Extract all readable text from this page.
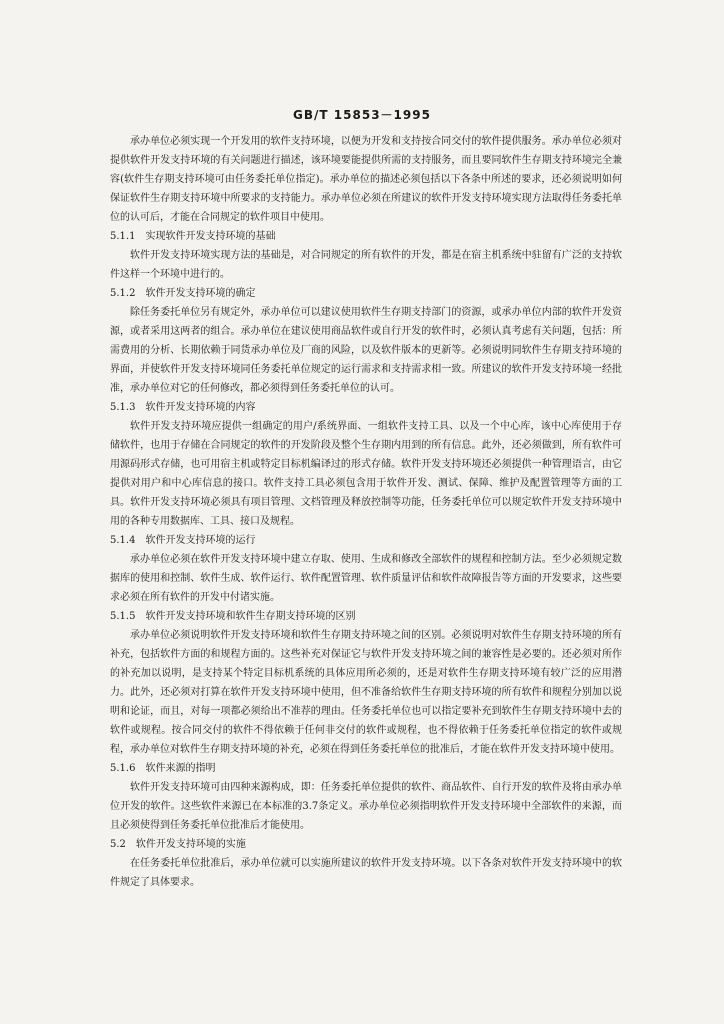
GB/T 15853－1995

承办单位必须实现一个开发用的软件支持环境，以便为开发和支持按合同交付的软件提供服务。承办单位必须对提供软件开发支持环境的有关问题进行描述，该环境要能提供所需的支持服务，而且要同软件生存期支持环境完全兼容(软件生存期支持环境可由任务委托单位指定)。承办单位的描述必须包括以下各条中所述的要求，还必须说明如何保证软件生存期支持环境中所要求的支持能力。承办单位必须在所建议的软件开发支持环境实现方法取得任务委托单位的认可后，才能在合同规定的软件项目中使用。

5.1.1 实现软件开发支持环境的基础

软件开发支持环境实现方法的基础是，对合同规定的所有软件的开发，都是在宿主机系统中驻留有广泛的支持软件这样一个环境中进行的。

5.1.2 软件开发支持环境的确定

除任务委托单位另有规定外，承办单位可以建议使用软件生存期支持部门的资源，或承办单位内部的软件开发资源，或者采用这两者的组合。承办单位在建议使用商品软件或自行开发的软件时，必须认真考虑有关问题，包括：所需费用的分析、长期依赖于同货承办单位及厂商的风险，以及软件版本的更新等。必须说明同软件生存期支持环境的界面，并使软件开发支持环境同任务委托单位规定的运行需求和支持需求相一致。所建议的软件开发支持环境一经批准，承办单位对它的任何修改，都必须得到任务委托单位的认可。

5.1.3 软件开发支持环境的内容

软件开发支持环境应提供一组确定的用户/系统界面、一组软件支持工具、以及一个中心库，该中心库使用于存储软件，也用于存储在合同规定的软件的开发阶段及整个生存期内用到的所有信息。此外，还必须做到，所有软件可用源码形式存储，也可用宿主机或特定目标机编译过的形式存储。软件开发支持环境还必须提供一种管理语言，由它提供对用户和中心库信息的接口。软件支持工具必须包含用于软件开发、测试、保障、维护及配置管理等方面的工具。软件开发支持环境必须具有项目管理、文档管理及释放控制等功能，任务委托单位可以规定软件开发支持环境中用的各种专用数据库、工具、接口及规程。

5.1.4 软件开发支持环境的运行

承办单位必须在软件开发支持环境中建立存取、使用、生成和修改全部软件的规程和控制方法。至少必须规定数据库的使用和控制、软件生成、软件运行、软件配置管理、软件质量评估和软件故障报告等方面的开发要求，这些要求必须在所有软件的开发中付诸实施。

5.1.5 软件开发支持环境和软件生存期支持环境的区别

承办单位必须说明软件开发支持环境和软件生存期支持环境之间的区别。必须说明对软件生存期支持环境的所有补充，包括软件方面的和规程方面的。这些补充对保证它与软件开发支持环境之间的兼容性是必要的。还必须对所作的补充加以说明，是支持某个特定目标机系统的具体应用所必须的，还是对软件生存期支持环境有较广泛的应用潜力。此外，还必须对打算在软件开发支持环境中使用，但不准备给软件生存期支持环境的所有软件和规程分别加以说明和论证，而且，对每一项都必须给出不准荐的理由。任务委托单位也可以指定要补充到软件生存期支持环境中去的软件或规程。按合同交付的软件不得依赖于任何非交付的软件或规程，也不得依赖于任务委托单位指定的软件或规程，承办单位对软件生存期支持环境的补充，必须在得到任务委托单位的批准后，才能在软件开发支持环境中使用。

5.1.6 软件来源的指明

软件开发支持环境可由四种来源构成，即：任务委托单位提供的软件、商品软件、自行开发的软件及将由承办单位开发的软件。这些软件来源已在本标准的3.7条定义。承办单位必须指明软件开发支持环境中全部软件的来源，而且必须使得到任务委托单位批准后才能使用。

5.2 软件开发支持环境的实施

在任务委托单位批准后，承办单位就可以实施所建议的软件开发支持环境。以下各条对软件开发支持环境中的软件规定了具体要求。
